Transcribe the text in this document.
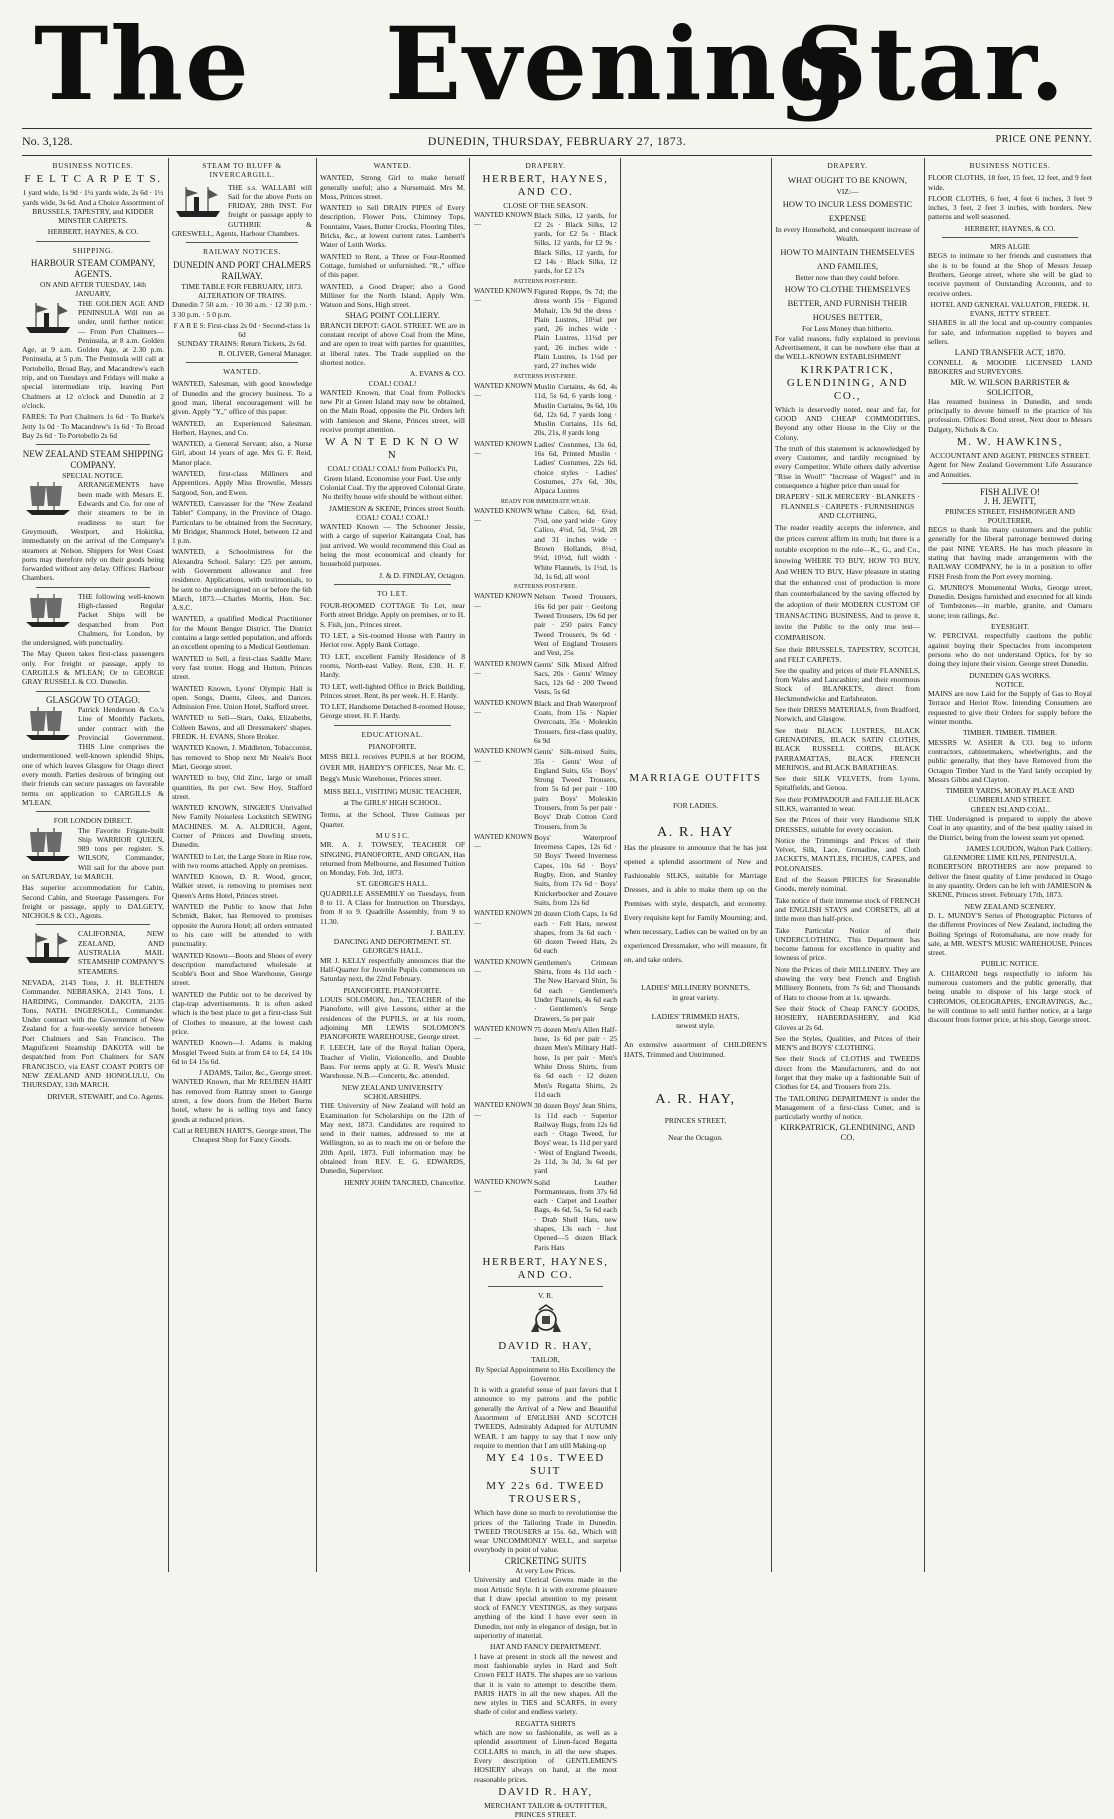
The Evening
Star.
No. 3,128.	DUNEDIN, THURSDAY, FEBRUARY 27, 1873.	PRICE ONE PENNY.
BUSINESS NOTICES.
F E L T C A R P E T S.
1 yard wide, 1s 9d · 1¼ yards wide, 2s 6d · 1½ yards wide, 3s 6d. And a Choice Assortment of BRUSSELS, TAPESTRY, and KIDDER MINSTER CARPETS.
HERBERT, HAYNES, & CO.
SHIPPING.
HARBOUR STEAM COMPANY, AGENTS.
ON AND AFTER TUESDAY, 14th JANUARY,
THE GOLDEN AGE AND PENINSULA Will run as under, until further notice:— From Port Chalmers— Peninsula, at 8 a.m. Golden Age, at 9 a.m. Golden Age, at 2.30 p.m. Peninsula, at 5 p.m. The Peninsula will call at Portobello, Broad Bay, and Macandrew's each trip, and on Tuesdays and Fridays will make a special intermediate trip, leaving Port Chalmers at 12 o'clock and Dunedin at 2 o'clock.
FARES: To Port Chalmers 1s 6d · To Burke's Jetty 1s 0d · To Macandrew's 1s 6d · To Broad Bay 2s 6d · To Portobello 2s 6d
NEW ZEALAND STEAM SHIPPING COMPANY.
SPECIAL NOTICE.
ARRANGEMENTS have been made with Messrs E. Edwards and Co. for one of their steamers to be in readiness to start for Greymouth, Westport, and Hokitika, immediately on the arrival of the Company's steamers at Nelson. Shippers for West Coast ports may therefore rely on their goods being forwarded without any delay. Offices: Harbour Chambers.
THE following well-known High-classed Regular Packet Ships will be despatched from Port Chalmers, for London, by the undersigned, with punctuality.
The May Queen takes first-class passengers only. For freight or passage, apply to CARGILLS & M'LEAN; Or to GEORGE GRAY RUSSELL & CO. Dunedin.
GLASGOW TO OTAGO.
Patrick Henderson & Co.'s Line of Monthly Packets, under contract with the Provincial Government. THIS Line comprises the undermentioned well-known splendid Ships, one of which leaves Glasgow for Otago direct every month. Parties desirous of bringing out their friends can secure passages on favorable terms on application to CARGILLS & M'LEAN.
FOR LONDON DIRECT.
The Favorite Frigate-built Ship WARRIOR QUEEN, 989 tons per register. S. WILSON, Commander, Will sail for the above port on SATURDAY, 1st MARCH.
Has superior accommodation for Cabin, Second Cabin, and Steerage Passengers. For freight or passage, apply to DALGETY, NICHOLS & CO., Agents.
CALIFORNIA, NEW ZEALAND, AND AUSTRALIA MAIL STEAMSHIP COMPANY'S STEAMERS.
NEVADA, 2143 Tons, J. H. BLETHEN Commander. NEBRASKA, 2143 Tons, I. HARDING, Commander. DAKOTA, 2135 Tons, NATH. INGERSOLL, Commander. Under contract with the Government of New Zealand for a four-weekly service between Port Chalmers and San Francisco. The Magnificent Steamship DAKOTA will be despatched from Port Chalmers for SAN FRANCISCO, via EAST COAST PORTS OF NEW ZEALAND AND HONOLULU, On THURSDAY, 13th MARCH.
DRIVER, STEWART, and Co. Agents.
STEAM TO BLUFF & INVERCARGILL.
THE s.s. WALLABI will Sail for the above Ports on FRIDAY, 28th INST. For freight or passage apply to GUTHRIE & GRESWELL, Agents, Harbour Chambers.
RAILWAY NOTICES.
DUNEDIN AND PORT CHALMERS RAILWAY.
TIME TABLE FOR FEBRUARY, 1873.
ALTERATION OF TRAINS.
Dunedin 7 50 a.m. · 10 30 a.m. · 12 30 p.m. · 3 30 p.m. · 5 0 p.m.
F A R E S: First-class 2s 0d · Second-class 1s 6d
SUNDAY TRAINS: Return Tickets, 2s 6d.
R. OLIVER, General Manager.
WANTED.
WANTED, Salesman, with good knowledge of Dunedin and the grocery business. To a good man, liberal encouragement will be given. Apply "Y.," office of this paper.
WANTED, an Experienced Salesman. Herbert, Haynes, and Co.
WANTED, a General Servant; also, a Nurse Girl, about 14 years of age. Mrs G. F. Reid, Manor place.
WANTED, first-class Milliners and Apprentices. Apply Miss Brownlie, Messrs Sargood, Son, and Ewen.
WANTED, Canvasser for the "New Zealand Tablet" Company, in the Province of Otago. Particulars to be obtained from the Secretary, Mr Bridger, Shamrock Hotel, between 12 and 1 p.m.
WANTED, a Schoolmistress for the Alexandra School. Salary: £25 per annum, with Government allowance and free residence. Applications, with testimonials, to be sent to the undersigned on or before the 6th March, 1873.—Charles Morris, Hon. Sec. A.S.C.
WANTED, a qualified Medical Practitioner for the Mount Benger District. The District contains a large settled population, and affords an excellent opening to a Medical Gentleman.
WANTED to Sell, a first-class Saddle Mare; very fast trotter. Hogg and Hutton, Princes street.
WANTED Known, Lyons' Olympic Hall is open. Songs, Duetts, Glees, and Dances. Admission Free. Union Hotel, Stafford street.
WANTED to Sell—Stars, Oaks, Elizabeths, Colleen Bawns, and all Dressmakers' shapes. FREDK. H. EVANS, Shore Broker.
WANTED Known, J. Middleton, Tobacconist, has removed to Shop next Mr Neale's Boot Mart, George street.
WANTED to buy, Old Zinc, large or small quantities, 8s per cwt. Sew Hoy, Stafford street.
WANTED KNOWN, SINGER'S Unrivalled New Family Noiseless Lockstitch SEWING MACHINES. M. A. ALDRICH, Agent, Corner of Princes and Dowling streets, Dunedin.
WANTED to Let, the Large Store in Rise row, with two rooms attached. Apply on premises.
WANTED Known, D. R. Wood, grocer, Walker street, is removing to premises next Queen's Arms Hotel, Princes street.
WANTED the Public to know that John Schmidt, Baker, has Removed to premises opposite the Aurora Hotel; all orders entrusted to his care will be attended to with punctuality.
WANTED Known—Boots and Shoes of every description manufactured wholesale at Scoble's Boot and Shoe Warehouse, George street.
WANTED the Public not to be deceived by clap-trap advertisements. It is often asked which is the best place to get a first-class Suit of Clothes to measure, at the lowest cash price.
WANTED Known—J. Adams is making Mosgiel Tweed Suits at from £4 to £4, £4 10s 6d to £4 15s 6d.
J ADAMS, Tailor, &c., George street.
WANTED Known, that Mr REUBEN HART has removed from Rattray street to George street, a few doors from the Hebert Burns hotel, where he is selling toys and fancy goods at reduced prices.
Call at REUBEN HART'S, George street, The Cheapest Shop for Fancy Goods.
WANTED.
WANTED, Strong Girl to make herself generally useful; also a Nursemaid. Mrs M. Moss, Princes street.
WANTED to Sell DRAIN PIPES of Every description, Flower Pots, Chimney Tops, Fountains, Vases, Butter Crocks, Flooring Tiles, Bricks, &c., at lowest current rates. Lambert's Water of Leith Works.
WANTED to Rent, a Three or Four-Roomed Cottage, furnished or unfurnished. "R.," office of this paper.
WANTED, a Good Draper; also a Good Milliner for the North Island. Apply Wm. Watson and Sons, High street.
SHAG POINT COLLIERY.
BRANCH DEPOT: GAOL STREET. WE are in constant receipt of above Coal from the Mine, and are open to treat with parties for quantities, at liberal rates. The Trade supplied on the shortest notice.
A. EVANS & CO.
COAL! COAL!
WANTED Known, that Coal from Pollock's new Pit at Green Island may now be obtained, on the Main Road, opposite the Pit. Orders left with Jamieson and Skene, Princes street, will receive prompt attention.
W A N T E D K N O W N
COAL! COAL! COAL! from Pollock's Pit, Green Island. Economise your Fuel. Use only Colonial Coal. Try the approved Colonial Grate. No thrifty house wife should be without either.
JAMIESON & SKENE, Princes street South.
COAL! COAL! COAL!
WANTED Known — The Schooner Jessie, with a cargo of superior Kaitangata Coal, has just arrived. We would recommend this Coal as being the most economical and cleanly for household purposes.
J. & D. FINDLAY, Octagon.
TO LET.
FOUR-ROOMED COTTAGE To Let, near Forth street Bridge. Apply on premises, or to H. S. Fish, jun., Princes street.
TO LET, a Six-roomed House with Pantry in Heriot row. Apply Bank Cottage.
TO LET, excellent Family Residence of 8 rooms, North-east Valley. Rent, £30. H. F. Hardy.
TO LET, well-lighted Office in Brick Building, Princes street. Rent, 8s per week. H. F. Hardy.
TO LET, Handsome Detached 8-roomed House, George street. H. F. Hardy.
EDUCATIONAL.
PIANOFORTE.
MISS BELL receives PUPILS at her ROOM, OVER MR. HARDY'S OFFICES, Near Mr. C. Begg's Music Warehouse, Princes street.
MISS BELL, VISITING MUSIC TEACHER, at The GIRLS' HIGH SCHOOL.
Terms, at the School, Three Guineas per Quarter.
M U S I C.
MR. A. J. TOWSEY, TEACHER OF SINGING, PIANOFORTE, AND ORGAN, Has returned from Melbourne, and Resumed Tuition on Monday, Feb. 3rd, 1873.
ST. GEORGE'S HALL.
QUADRILLE ASSEMBLY on Tuesdays, from 8 to 11. A Class for Instruction on Thursdays, from 8 to 9. Quadrille Assembly, from 9 to 11.30.
J. BAILEY.
DANCING AND DEPORTMENT. ST. GEORGE'S HALL.
MR J. KELLY respectfully announces that the Half-Quarter for Juvenile Pupils commences on Saturday next, the 22nd February.
PIANOFORTE. PIANOFORTE.
LOUIS SOLOMON, Jun., TEACHER of the Pianoforte, will give Lessons, either at the residences of the PUPILS, or at his room, adjoining MR LEWIS SOLOMON'S PIANOFORTE WAREHOUSE, George street.
F. LEECH, late of the Royal Italian Opera, Teacher of Violin, Violoncello, and Double Bass. For terms apply at G. R. West's Music Warehouse. N.B.—Concerts, &c. attended.
NEW ZEALAND UNIVERSITY SCHOLARSHIPS.
THE University of New Zealand will hold an Examination for Scholarships on the 12th of May next, 1873. Candidates are required to send in their names, addressed to me at Wellington, so as to reach me on or before the 20th April, 1873. Full information may be obtained from REV. E. G. EDWARDS, Dunedin, Supervisor.
HENRY JOHN TANCRED, Chancellor.
DRAPERY.
HERBERT, HAYNES, AND CO.
CLOSE OF THE SEASON.
WANTED KNOWN—
Black Silks, 12 yards, for £2 2s · Black Silks, 12 yards, for £2 5s · Black Silks, 12 yards, for £2 9s · Black Silks, 12 yards, for £2 14s · Black Silks, 12 yards, for £2 17s
PATTERNS POST-FREE.
WANTED KNOWN—
Figured Reppe, 9s 7d; the dress worth 15s · Figured Mohair, 13s 9d the dress · Plain Lustres, 10¼d per yard, 26 inches wide · Plain Lustres, 11¼d per yard, 26 inches wide · Plain Lustres, 1s 1¼d per yard, 27 inches wide
PATTERNS POST-FREE.
WANTED KNOWN—
Muslin Curtains, 4s 6d, 4s 11d, 5s 6d, 6 yards long · Muslin Curtains, 9s 6d, 10s 6d, 12s 6d, 7 yards long · Muslin Curtains, 11s 6d, 20s, 21s, 8 yards long
WANTED KNOWN—
Ladies' Costumes, 13s 6d, 16s 6d, Printed Muslin · Ladies' Costumes, 22s 6d, choice styles · Ladies' Costumes, 27s 6d, 30s, Alpaca Lustres
READY FOR IMMEDIATE WEAR.
WANTED KNOWN—
White Calico, 6d, 6¼d, 7½d, one yard wide · Grey Calico, 4½d, 5d, 5½d, 28 and 31 inches wide · Brown Hollands, 8½d, 9½d, 10½d, full width · White Flannels, 1s 1½d, 1s 3d, 1s 6d, all wool
PATTERNS POST-FREE.
WANTED KNOWN—
Nelson Tweed Trousers, 16s 6d per pair · Geelong Tweed Trousers, 19s 6d per pair · 250 pairs Fancy Tweed Trousers, 9s 6d · West of England Trousers and Vest, 25s
WANTED KNOWN—
Gents' Silk Mixed Alfred Sacs, 20s · Gents' Witney Sacs, 12s 6d · 200 Tweed Vests, 5s 6d
WANTED KNOWN—
Black and Drab Waterproof Coats, from 15s · Napier Overcoats, 35s · Moleskin Trousers, first-class quality, 6s 9d
WANTED KNOWN—
Gents' Silk-mixed Suits, 35s · Gents' West of England Suits, 65s · Boys' Strong Tweed Trousers, from 5s 6d per pair · 100 pairs Boys' Moleskin Trousers, from 5s per pair · Boys' Drab Cotton Cord Trousers, from 3s
WANTED KNOWN—
Boys' Waterproof Inverness Capes, 12s 6d · 50 Boys' Tweed Inverness Capes, 10s 6d · Boys' Rugby, Eton, and Stanley Suits, from 17s 6d · Boys' Knickerbocker and Zouave Suits, from 12s 6d
WANTED KNOWN—
20 dozen Cloth Caps, 1s 6d each · Felt Hats, newest shapes, from 3s 6d each · 60 dozen Tweed Hats, 2s 6d each
WANTED KNOWN—
Gentlemen's Crimean Shirts, from 4s 11d each · The New Harvard Shirt, 5s 6d each · Gentlemen's Under Flannels, 4s 6d each · Gentlemen's Serge Drawers, 5s per pair
WANTED KNOWN—
75 dozen Men's Allen Half-hose, 1s 6d per pair · 25 dozen Men's Military Half-hose, 1s per pair · Men's White Dress Shirts, from 6s 6d each · 12 dozen Men's Regatta Shirts, 2s 11d each
WANTED KNOWN—
30 dozen Boys' Jean Shirts, 1s 11d each · Superior Railway Rugs, from 12s 6d each · Otago Tweed, for Boys' wear, 1s 11d per yard · West of England Tweeds, 2s 11d, 3s 3d, 3s 6d per yard
WANTED KNOWN—
Solid Leather Portmanteaus, from 37s 6d each · Carpet and Leather Bags, 4s 6d, 5s, 5s 6d each · Drab Shell Hats, new shapes, 13s each · Just Opened—5 dozen Black Paris Hats
HERBERT, HAYNES, AND CO.
V. R.
DAVID R. HAY,
TAILOR,
By Special Appointment to His Excellency the Governor.
It is with a grateful sense of past favors that I announce to my patrons and the public generally the Arrival of a New and Beautiful Assortment of ENGLISH AND SCOTCH TWEEDS, Admirably Adapted for AUTUMN WEAR. I am happy to say that I now only require to mention that I am still Making-up
MY £4 10s. TWEED SUIT
MY 22s 6d. TWEED TROUSERS,
Which have done so much to revolutionise the prices of the Tailoring Trade in Dunedin. TWEED TROUSERS at 15s. 6d., Which will wear UNCOMMONLY WELL, and surprise everybody in point of value.
CRICKETING SUITS
At very Low Prices.
University and Clerical Gowns made in the most Artistic Style. It is with extreme pleasure that I draw special attention to my present stock of FANCY VESTINGS, as they surpass anything of the kind I have ever seen in Dunedin, not only in elegance of design, but in superiority of material.
HAT AND FANCY DEPARTMENT.
I have at present in stock all the newest and most fashionable styles in Hard and Soft Crown FELT HATS. The shapes are so various that it is vain to attempt to describe them. PARIS HATS in all the new shapes. All the new styles in TIES and SCARFS, in every shade of color and endless variety.
REGATTA SHIRTS
which are now so fashionable, as well as a splendid assortment of Linen-faced Regatta COLLARS to match, in all the new shapes. Every description of GENTLEMEN'S HOSIERY always on hand, at the most reasonable prices.
DAVID R. HAY,
MERCHANT TAILOR & OUTFITTER, PRINCES STREET.
MARRIAGE OUTFITS
FOR LADIES.
A. R. HAY
Has the pleasure to announce that he has just opened a splendid assortment of New and Fashionable SILKS, suitable for Marriage Dresses, and is able to make them up on the Premises with style, despatch, and economy. Every requisite kept for Family Mourning; and, when necessary, Ladies can be waited on by an experienced Dressmaker, who will measure, fit on, and take orders.
LADIES' MILLINERY BONNETS,
in great variety.
LADIES' TRIMMED HATS,
newest style.
An extensive assortment of CHILDREN'S HATS, Trimmed and Untrimmed.
A. R. HAY,
PRINCES STREET,
Near the Octagon.
DRAPERY.
WHAT OUGHT TO BE KNOWN,
VIZ:—
HOW TO INCUR LESS DOMESTIC EXPENSE
In every Household, and consequent increase of Wealth.
HOW TO MAINTAIN THEMSELVES AND FAMILIES,
Better now than they could before.
HOW TO CLOTHE THEMSELVES BETTER, AND FURNISH THEIR HOUSES BETTER,
For Less Money than hitherto.
For valid reasons, fully explained in previous Advertisement, it can be nowhere else than at the WELL-KNOWN ESTABLISHMENT
KIRKPATRICK, GLENDINING, AND CO.,
Which is deservedly noted, near and far, for GOOD AND CHEAP COMMODITIES, Beyond any other House in the City or the Colony.
The truth of this statement is acknowledged by every Customer, and tardily recognised by every Competitor. While others daily advertise "Rise in Wool!" "Increase of Wages!" and in consequence a higher price than usual for
DRAPERY · SILK MERCERY · BLANKETS · FLANNELS · CARPETS · FURNISHINGS AND CLOTHING,
The reader readily accepts the inference, and the prices current affirm its truth; but there is a notable exception to the rule—K., G., and Co., knowing WHERE TO BUY, HOW TO BUY, And WHEN TO BUY, Have pleasure in stating that the enhanced cost of production is more than counterbalanced by the saving effected by the adoption of their MODERN CUSTOM OF TRANSACTING BUSINESS, And to prove it, invite the Public to the only true test—COMPARISON.
See their BRUSSELS, TAPESTRY, SCOTCH, and FELT CARPETS.
See the quality and prices of their FLANNELS, from Wales and Lancashire; and their enormous Stock of BLANKETS, direct from Heckmondwicke and Earlsheaton.
See their DRESS MATERIALS, from Bradford, Norwich, and Glasgow.
See their BLACK LUSTRES, BLACK GRENADINES, BLACK SATIN CLOTHS, BLACK RUSSELL CORDS, BLACK PARRAMATTAS, BLACK FRENCH MERINOS, and BLACK BARATHEAS.
See their SILK VELVETS, from Lyons, Spitalfields, and Genoa.
See their POMPADOUR and FAILLIE BLACK SILKS, warranted to wear.
See the Prices of their very Handsome SILK DRESSES, suitable for every occasion.
Notice the Trimmings and Prices of their Velvet, Silk, Lace, Grenadine, and Cloth JACKETS, MANTLES, FICHUS, CAPES, and POLONAISES.
End of the Season PRICES for Seasonable Goods, merely nominal.
Take notice of their immense stock of FRENCH and ENGLISH STAYS and CORSETS, all at little more than half-price.
Take Particular Notice of their UNDERCLOTHING. This Department has become famous for excellence in quality and lowness of price.
Note the Prices of their MILLINERY. They are showing the very best French and English Millinery Bonnets, from 7s 6d; and Thousands of Hats to choose from at 1s. upwards.
See their Stock of Cheap FANCY GOODS, HOSIERY, HABERDASHERY, and Kid Gloves at 2s 6d.
See the Styles, Qualities, and Prices of their MEN'S and BOYS' CLOTHING.
See their Stock of CLOTHS and TWEEDS direct from the Manufacturers, and do not forget that they make up a fashionable Suit of Clothes for £4, and Trousers from 21s.
The TAILORING DEPARTMENT is under the Management of a first-class Cutter, and is particularly worthy of notice.
KIRKPATRICK, GLENDINING, AND CO.
BUSINESS NOTICES.
FLOOR CLOTHS, 18 feet, 15 feet, 12 feet, and 9 feet wide.
FLOOR CLOTHS, 6 feet, 4 feet 6 inches, 3 feet 9 inches, 3 feet, 2 feet 3 inches, with borders. New patterns and well seasoned.
HERBERT, HAYNES, & CO.
MRS ALGIE
BEGS to intimate to her friends and customers that she is to be found at the Shop of Messrs Jessep Brothers, George street, where she will be glad to receive payment of Outstanding Accounts, and to receive orders.
HOTEL AND GENERAL VALUATOR, FREDK. H. EVANS, JETTY STREET.
SHARES in all the local and up-country companies for sale, and information supplied to buyers and sellers.
LAND TRANSFER ACT, 1870.
CONNELL & MOODIE LICENSED LAND BROKERS and SURVEYORS.
MR. W. WILSON BARRISTER & SOLICITOR,
Has resumed business in Dunedin, and tends principally to devote himself to the practice of his profession. Offices: Bond street, Next door to Messrs Dalgety, Nichols & Co.
M. W. HAWKINS,
ACCOUNTANT AND AGENT, PRINCES STREET.
Agent for New Zealand Government Life Assurance and Annuities.
FISH ALIVE O!
J. H. JEWITT,
PRINCES STREET, FISHMONGER AND POULTERER,
BEGS to thank his many customers and the public generally for the liberal patronage bestowed during the past NINE YEARS. He has much pleasure in stating that having made arrangements with the RAILWAY COMPANY, he is in a position to offer FISH Fresh from the Port every morning.
G. MUNRO'S Monumental Works, George street, Dunedin. Designs furnished and executed for all kinds of Tombstones—in marble, granite, and Oamaru stone; iron railings, &c.
EYESIGHT.
W. PERCIVAL respectfully cautions the public against buying their Spectacles from incompetent persons who do not understand Optics, for by so doing they injure their vision. George street Dunedin.
DUNEDIN GAS WORKS.
NOTICE.
MAINS are now Laid for the Supply of Gas to Royal Terrace and Heriot Row. Intending Consumers are requested to give their Orders for supply before the winter months.
TIMBER. TIMBER. TIMBER.
MESSRS W. ASHER & CO. beg to inform contractors, cabinetmakers, wheelwrights, and the public generally, that they have Removed from the Octagon Timber Yard to the Yard lately occupied by Messrs Gibbs and Clayton.
TIMBER YARDS, MORAY PLACE AND CUMBERLAND STREET.
GREEN ISLAND COAL.
THE Undersigned is prepared to supply the above Coal in any quantity, and of the best quality raised in the District, being from the lowest seam yet opened.
JAMES LOUDON, Walton Park Colliery.
GLENMORE LIME KILNS, PENINSULA.
ROBERTSON BROTHERS are now prepared to deliver the finest quality of Lime produced in Otago in any quantity. Orders can be left with JAMIESON & SKENE, Princes street. February 17th, 1873.
NEW ZEALAND SCENERY.
D. L. MUNDY'S Series of Photographic Pictures of the different Provinces of New Zealand, including the Boiling Springs of Rotomahana, are now ready for sale, at MR. WEST'S MUSIC WAREHOUSE, Princes street.
PUBLIC NOTICE.
A. CHIARONI begs respectfully to inform his numerous customers and the public generally, that being unable to dispose of his large stock of CHROMOS, OLEOGRAPHS, ENGRAVINGS, &c., he will continue to sell until further notice, at a large discount from former price, at his shop, George street.
